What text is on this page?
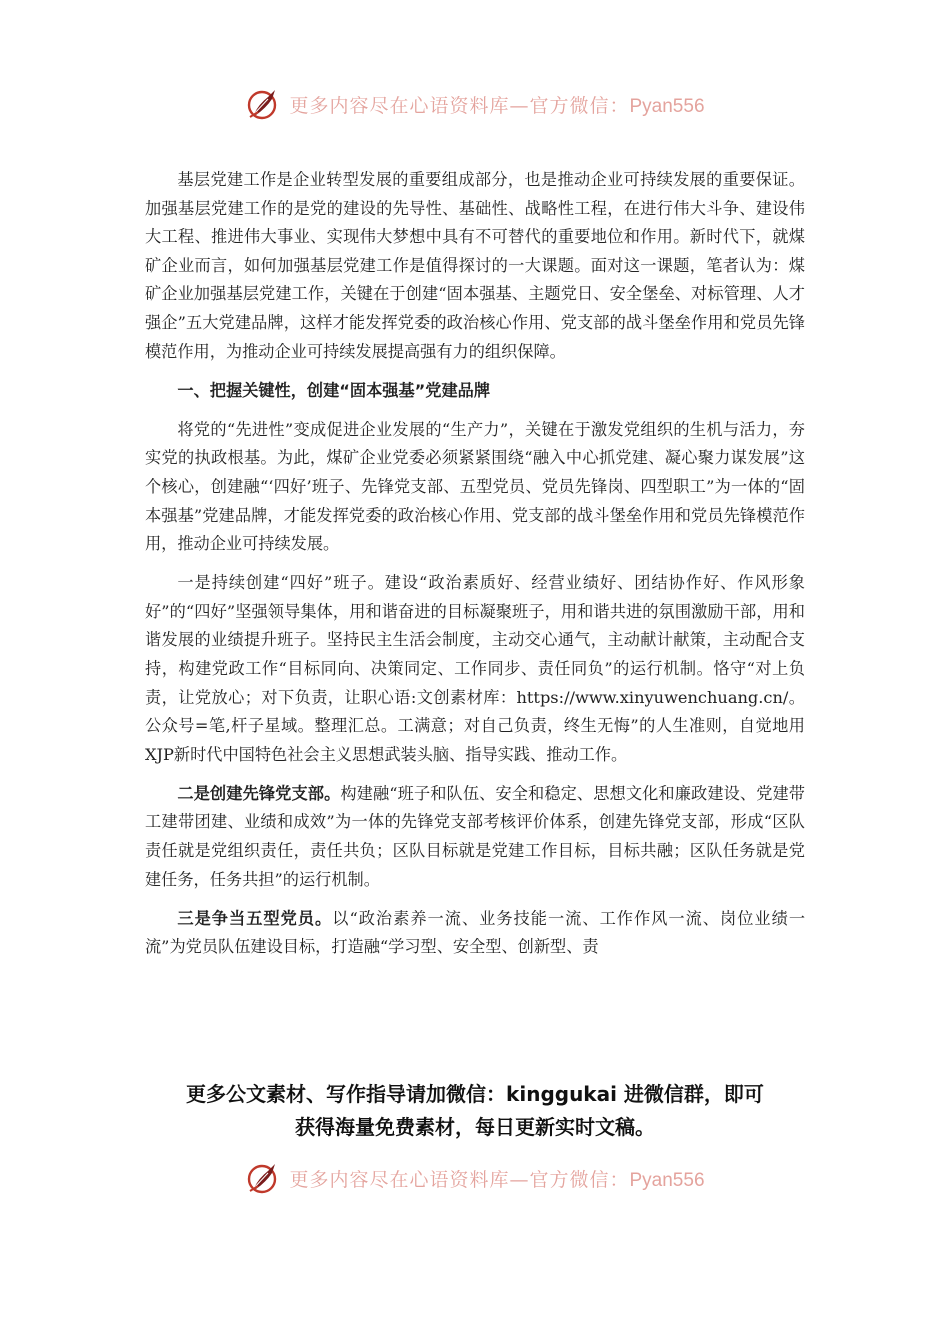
更多内容尽在心语资料库—官方微信：Pyan556

基层党建工作是企业转型发展的重要组成部分，也是推动企业可持续发展的重要保证。加强基层党建工作的是党的建设的先导性、基础性、战略性工程，在进行伟大斗争、建设伟大工程、推进伟大事业、实现伟大梦想中具有不可替代的重要地位和作用。新时代下，就煤矿企业而言，如何加强基层党建工作是值得探讨的一大课题。面对这一课题，笔者认为：煤矿企业加强基层党建工作，关键在于创建“固本强基、主题党日、安全堡垒、对标管理、人才强企”五大党建品牌，这样才能发挥党委的政治核心作用、党支部的战斗堡垒作用和党员先锋模范作用，为推动企业可持续发展提高强有力的组织保障。

一、把握关键性，创建“固本强基”党建品牌

将党的“先进性”变成促进企业发展的“生产力”，关键在于激发党组织的生机与活力，夯实党的执政根基。为此，煤矿企业党委必须紧紧围绕“融入中心抓党建、凝心聚力谋发展”这个核心，创建融“‘四好’班子、先锋党支部、五型党员、党员先锋岗、四型职工”为一体的“固本强基”党建品牌，才能发挥党委的政治核心作用、党支部的战斗堡垒作用和党员先锋模范作用，推动企业可持续发展。

一是持续创建“四好”班子。建设“政治素质好、经营业绩好、团结协作好、作风形象好”的“四好”坚强领导集体，用和谐奋进的目标凝聚班子，用和谐共进的氛围激励干部，用和谐发展的业绩提升班子。坚持民主生活会制度，主动交心通气，主动献计献策，主动配合支持，构建党政工作“目标同向、决策同定、工作同步、责任同负”的运行机制。恪守“对上负责，让党放心；对下负责，让职心语:文创素材库：https://www.xinyuwenchuang.cn/。公众号=笔,杆子星域。整理汇总。工满意；对自己负责，终生无悔”的人生准则，自觉地用XJP新时代中国特色社会主义思想武装头脑、指导实践、推动工作。

二是创建先锋党支部。构建融“班子和队伍、安全和稳定、思想文化和廉政建设、党建带工建带团建、业绩和成效”为一体的先锋党支部考核评价体系，创建先锋党支部，形成“区队责任就是党组织责任，责任共负；区队目标就是党建工作目标，目标共融；区队任务就是党建任务，任务共担”的运行机制。

三是争当五型党员。以“政治素养一流、业务技能一流、工作作风一流、岗位业绩一流”为党员队伍建设目标，打造融“学习型、安全型、创新型、责

更多公文素材、写作指导请加微信：kinggukai 进微信群，即可
获得海量免费素材，每日更新实时文稿。
更多内容尽在心语资料库—官方微信：Pyan556
